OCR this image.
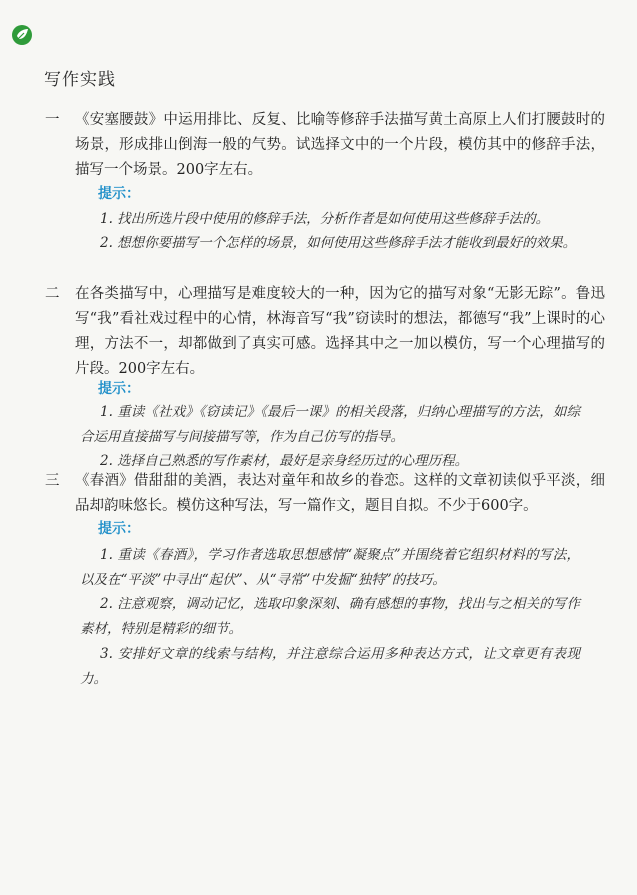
写作实践
一 《安塞腰鼓》中运用排比、反复、比喻等修辞手法描写黄土高原上人们打腰鼓时的场景，形成排山倒海一般的气势。试选择文中的一个片段，模仿其中的修辞手法，描写一个场景。200字左右。
提示：
1. 找出所选片段中使用的修辞手法，分析作者是如何使用这些修辞手法的。
2. 想想你要描写一个怎样的场景，如何使用这些修辞手法才能收到最好的效果。
二 在各类描写中，心理描写是难度较大的一种，因为它的描写对象“无影无踪”。鲁迅写“我”看社戏过程中的心情，林海音写“我”窃读时的想法，都德写“我”上课时的心理，方法不一，却都做到了真实可感。选择其中之一加以模仿，写一个心理描写的片段。200字左右。
提示：
1. 重读《社戏》《窃读记》《最后一课》的相关段落，归纳心理描写的方法，如综合运用直接描写与间接描写等，作为自己仿写的指导。
2. 选择自己熟悉的写作素材，最好是亲身经历过的心理历程。
三 《春酒》借甜甜的美酒，表达对童年和故乡的眷恋。这样的文章初读似乎平淡，细品却韵味悠长。模仿这种写法，写一篇作文，题目自拟。不少于600字。
提示：
1. 重读《春酒》，学习作者选取思想感情“凝聚点”并围绕着它组织材料的写法，以及在“平淡”中寻出“起伏”、从“寻常”中发掘“独特”的技巧。
2. 注意观察，调动记忆，选取印象深刻、确有感想的事物，找出与之相关的写作素材，特别是精彩的细节。
3. 安排好文章的线索与结构，并注意综合运用多种表达方式，让文章更有表现力。
